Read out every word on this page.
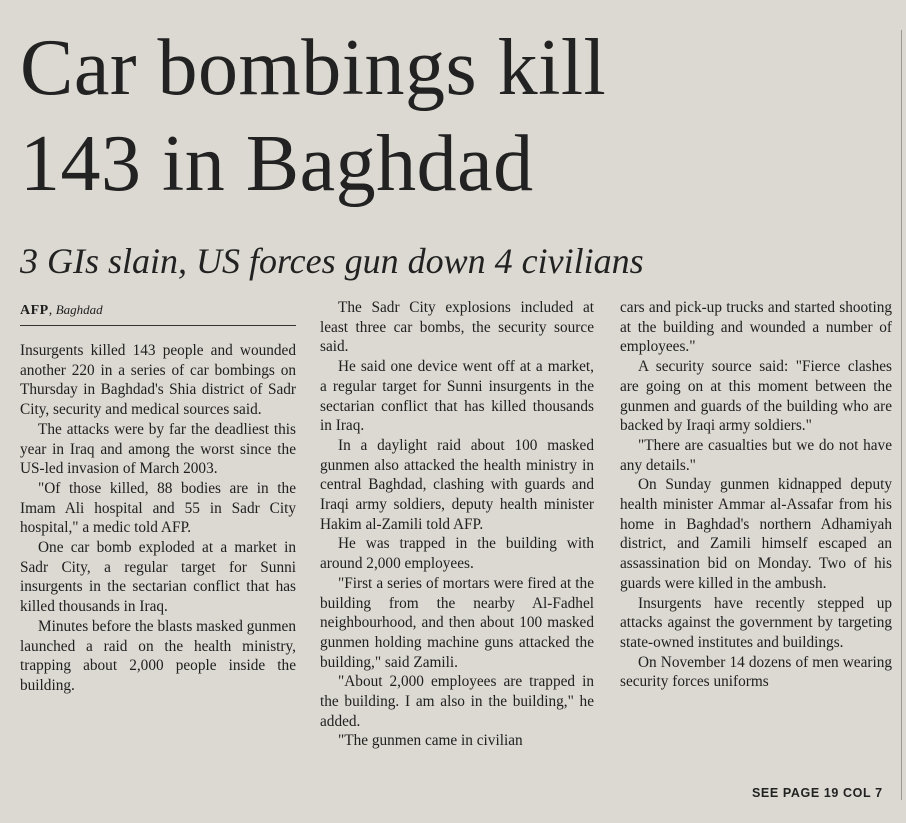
Car bombings kill
143 in Baghdad
3 GIs slain, US forces gun down 4 civilians
AFP, Baghdad

Insurgents killed 143 people and wounded another 220 in a series of car bombings on Thursday in Baghdad's Shia district of Sadr City, security and medical sources said.

The attacks were by far the deadliest this year in Iraq and among the worst since the US-led invasion of March 2003.

"Of those killed, 88 bodies are in the Imam Ali hospital and 55 in Sadr City hospital," a medic told AFP.

One car bomb exploded at a market in Sadr City, a regular target for Sunni insurgents in the sectarian conflict that has killed thousands in Iraq.

Minutes before the blasts masked gunmen launched a raid on the health ministry, trapping about 2,000 people inside the building.

The Sadr City explosions included at least three car bombs, the security source said.

He said one device went off at a market, a regular target for Sunni insurgents in the sectarian conflict that has killed thousands in Iraq.

In a daylight raid about 100 masked gunmen also attacked the health ministry in central Baghdad, clashing with guards and Iraqi army soldiers, deputy health minister Hakim al-Zamili told AFP.

He was trapped in the building with around 2,000 employees.

"First a series of mortars were fired at the building from the nearby Al-Fadhel neighbourhood, and then about 100 masked gunmen holding machine guns attacked the building," said Zamili.

"About 2,000 employees are trapped in the building. I am also in the building," he added.

"The gunmen came in civilian

cars and pick-up trucks and started shooting at the building and wounded a number of employees."

A security source said: "Fierce clashes are going on at this moment between the gunmen and guards of the building who are backed by Iraqi army soldiers."

"There are casualties but we do not have any details."

On Sunday gunmen kidnapped deputy health minister Ammar al-Assafar from his home in Baghdad's northern Adhamiyah district, and Zamili himself escaped an assassination bid on Monday. Two of his guards were killed in the ambush.

Insurgents have recently stepped up attacks against the government by targeting state-owned institutes and buildings.

On November 14 dozens of men wearing security forces uniforms

SEE PAGE 19 COL 7
